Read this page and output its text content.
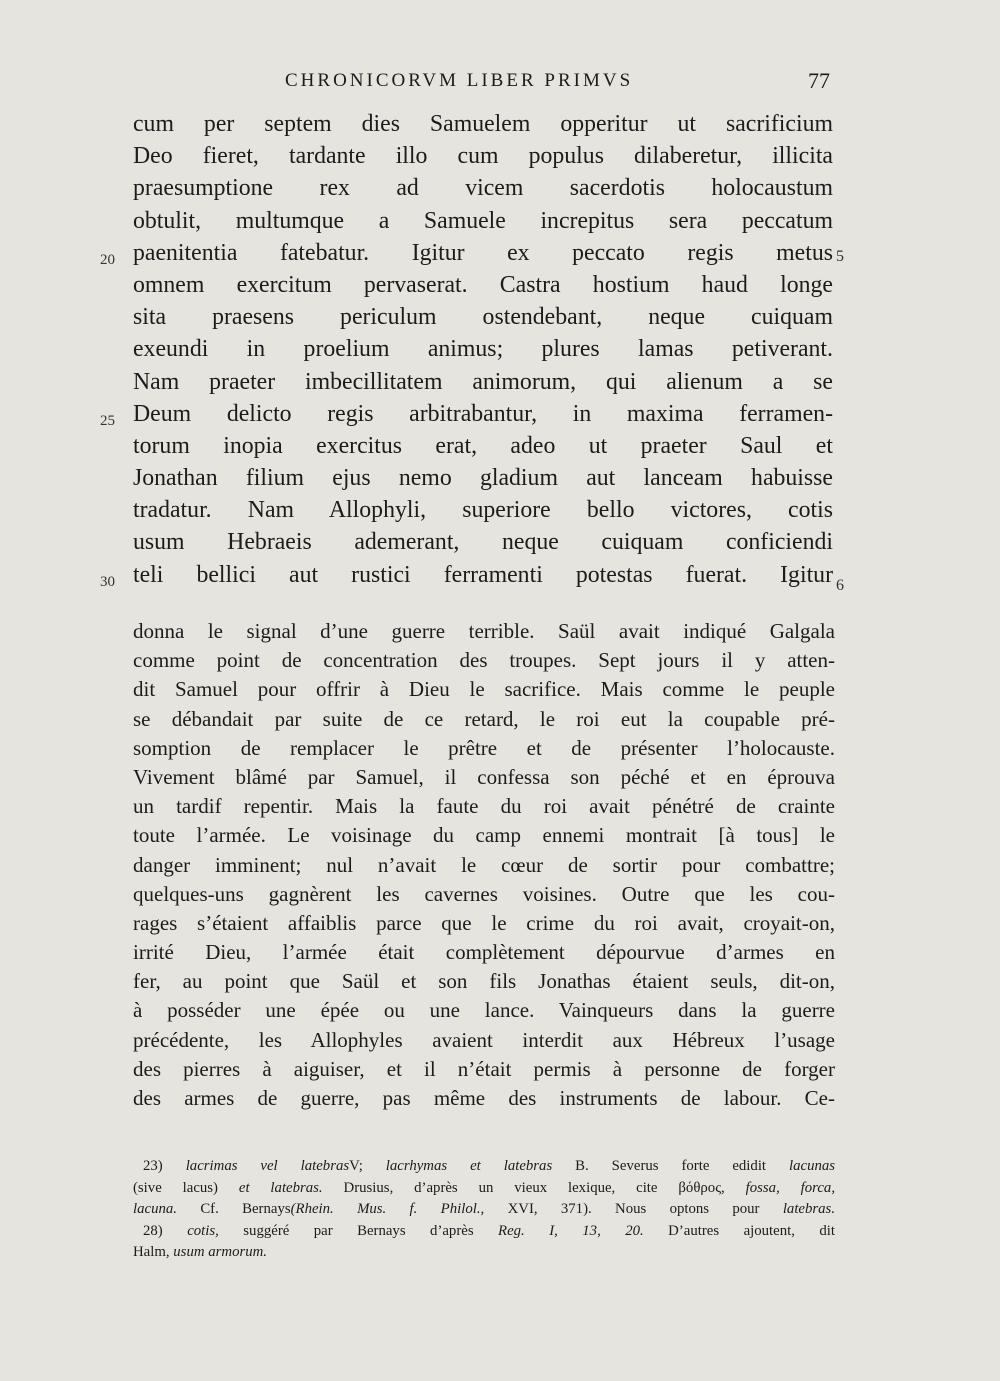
CHRONICORVM LIBER PRIMVS	77
20
25
30
5
6
cum per septem dies Samuelem opperitur ut sacrificium
Deo fieret, tardante illo cum populus dilaberetur, illicita
praesumptione rex ad vicem sacerdotis holocaustum
obtulit, multumque a Samuele increpitus sera peccatum
paenitentia fatebatur. Igitur ex peccato regis metus
omnem exercitum pervaserat. Castra hostium haud longe
sita praesens periculum ostendebant, neque cuiquam
exeundi in proelium animus; plures lamas petiverant.
Nam praeter imbecillitatem animorum, qui alienum a se
Deum delicto regis arbitrabantur, in maxima ferramen-
torum inopia exercitus erat, adeo ut praeter Saul et
Jonathan filium ejus nemo gladium aut lanceam habuisse
tradatur. Nam Allophyli, superiore bello victores, cotis
usum Hebraeis ademerant, neque cuiquam conficiendi
teli bellici aut rustici ferramenti potestas fuerat. Igitur
donna le signal d’une guerre terrible. Saül avait indiqué Galgala
comme point de concentration des troupes. Sept jours il y atten-
dit Samuel pour offrir à Dieu le sacrifice. Mais comme le peuple
se débandait par suite de ce retard, le roi eut la coupable pré-
somption de remplacer le prêtre et de présenter l’holocauste.
Vivement blâmé par Samuel, il confessa son péché et en éprouva
un tardif repentir. Mais la faute du roi avait pénétré de crainte
toute l’armée. Le voisinage du camp ennemi montrait [à tous] le
danger imminent; nul n’avait le cœur de sortir pour combattre;
quelques-uns gagnèrent les cavernes voisines. Outre que les cou-
rages s’étaient affaiblis parce que le crime du roi avait, croyait-on,
irrité Dieu, l’armée était complètement dépourvue d’armes en
fer, au point que Saül et son fils Jonathas étaient seuls, dit-on,
à posséder une épée ou une lance. Vainqueurs dans la guerre
précédente, les Allophyles avaient interdit aux Hébreux l’usage
des pierres à aiguiser, et il n’était permis à personne de forger
des armes de guerre, pas même des instruments de labour. Ce-
23) lacrimas vel latebrasV; lacrhymas et latebras B. Severus forte edidit lacunas
(sive lacus) et latebras. Drusius, d’après un vieux lexique, cite βόθρος, fossa, forca,
lacuna. Cf. Bernays(Rhein. Mus. f. Philol., XVI, 371). Nous optons pour latebras.
28) cotis, suggéré par Bernays d’après Reg. I, 13, 20. D’autres ajoutent, dit
Halm, usum armorum.
